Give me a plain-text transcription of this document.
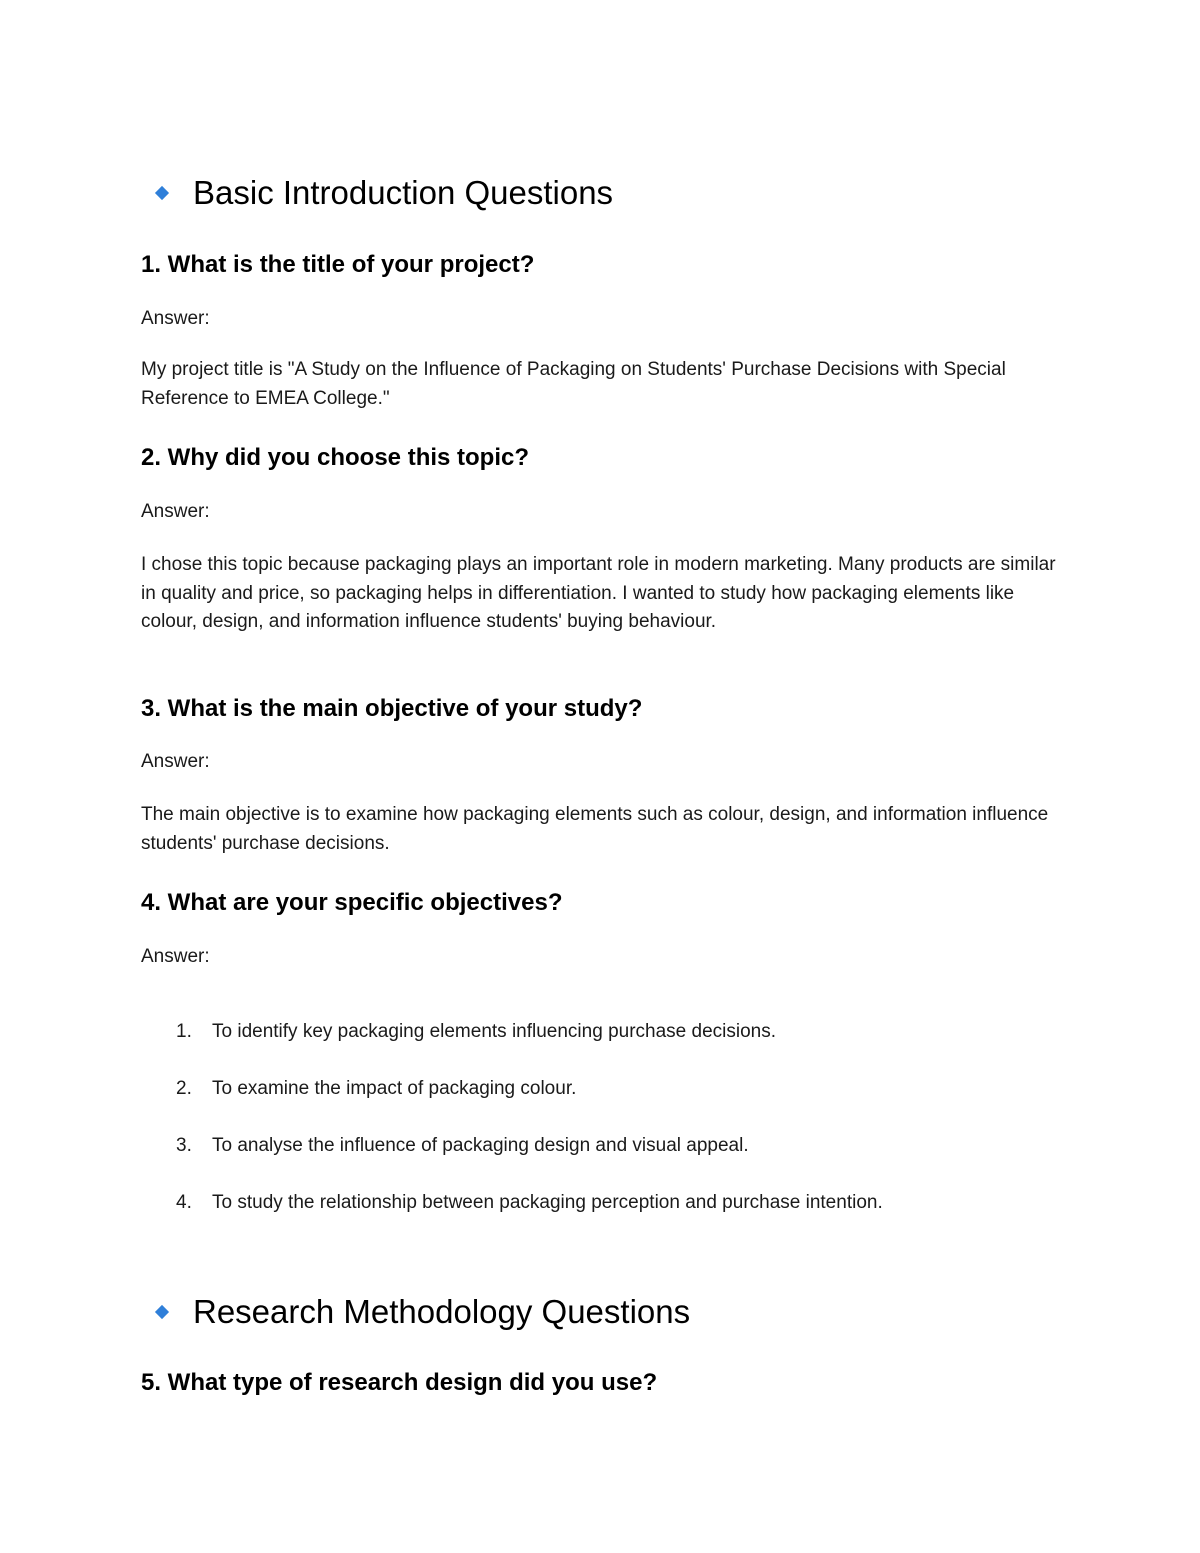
Basic Introduction Questions
1. What is the title of your project?
Answer:
My project title is "A Study on the Influence of Packaging on Students' Purchase Decisions with Special Reference to EMEA College."
2. Why did you choose this topic?
Answer:
I chose this topic because packaging plays an important role in modern marketing. Many products are similar in quality and price, so packaging helps in differentiation. I wanted to study how packaging elements like colour, design, and information influence students' buying behaviour.
3. What is the main objective of your study?
Answer:
The main objective is to examine how packaging elements such as colour, design, and information influence students' purchase decisions.
4. What are your specific objectives?
Answer:
1. To identify key packaging elements influencing purchase decisions.
2. To examine the impact of packaging colour.
3. To analyse the influence of packaging design and visual appeal.
4. To study the relationship between packaging perception and purchase intention.
Research Methodology Questions
5. What type of research design did you use?
